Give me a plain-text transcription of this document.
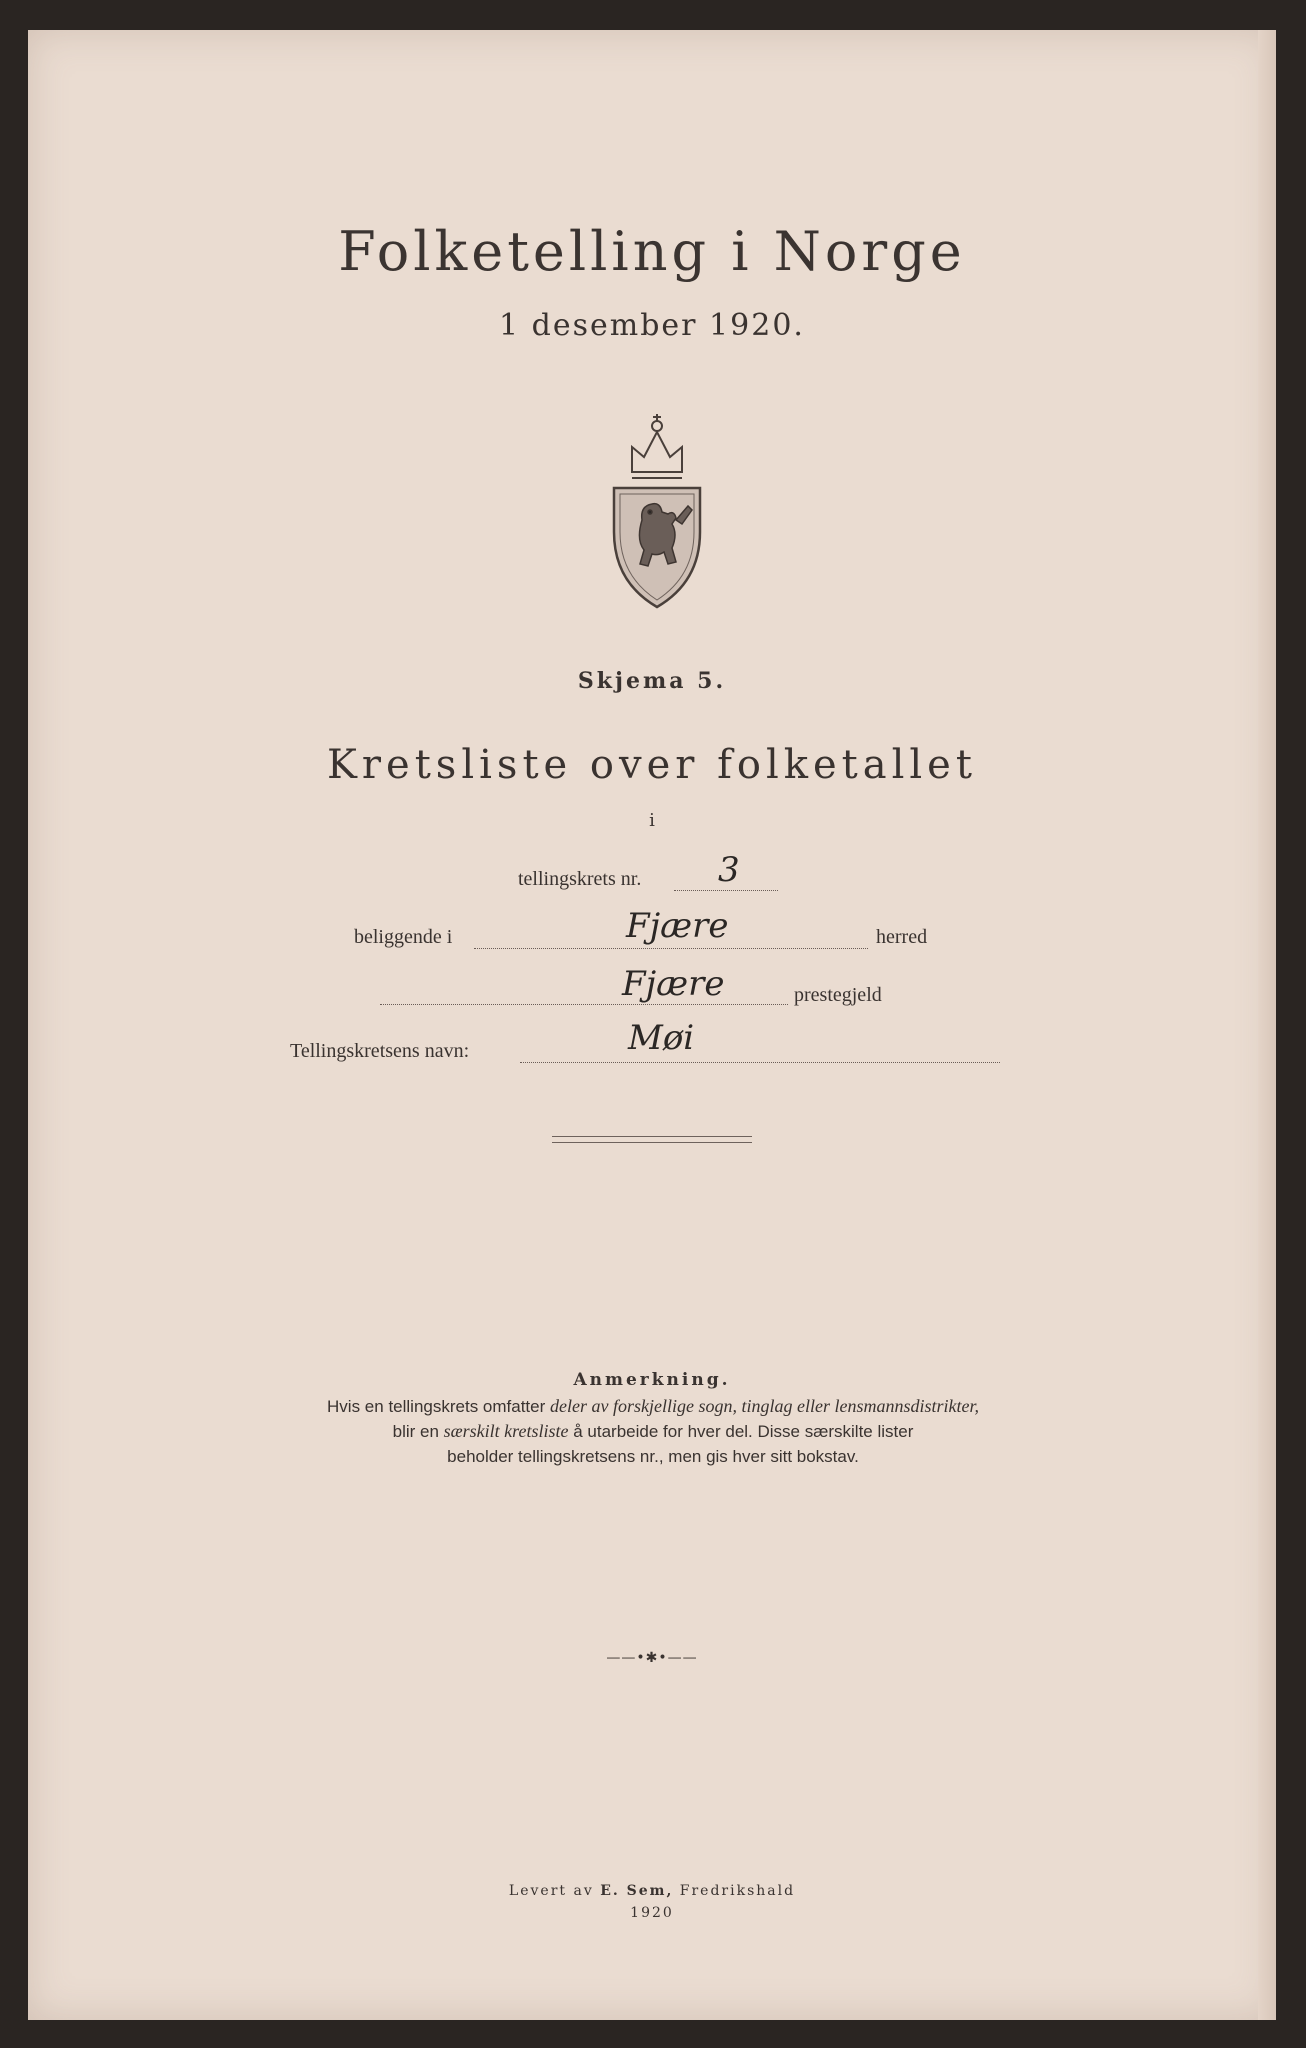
Folketelling i Norge
1 desember 1920.
Skjema 5.
Kretsliste over folketallet
i
tellingskrets nr. 3
beliggende i	Fjære	herred
Fjære	prestegjeld
Tellingskretsens navn:	Møi
Anmerkning.
Hvis en tellingskrets omfatter deler av forskjellige sogn, tinglag eller lensmannsdistrikter,
blir en særskilt kretsliste å utarbeide for hver del. Disse særskilte lister
beholder tellingskretsens nr., men gis hver sitt bokstav.
——•✱•——
Levert av E. Sem, Fredrikshald
1920
